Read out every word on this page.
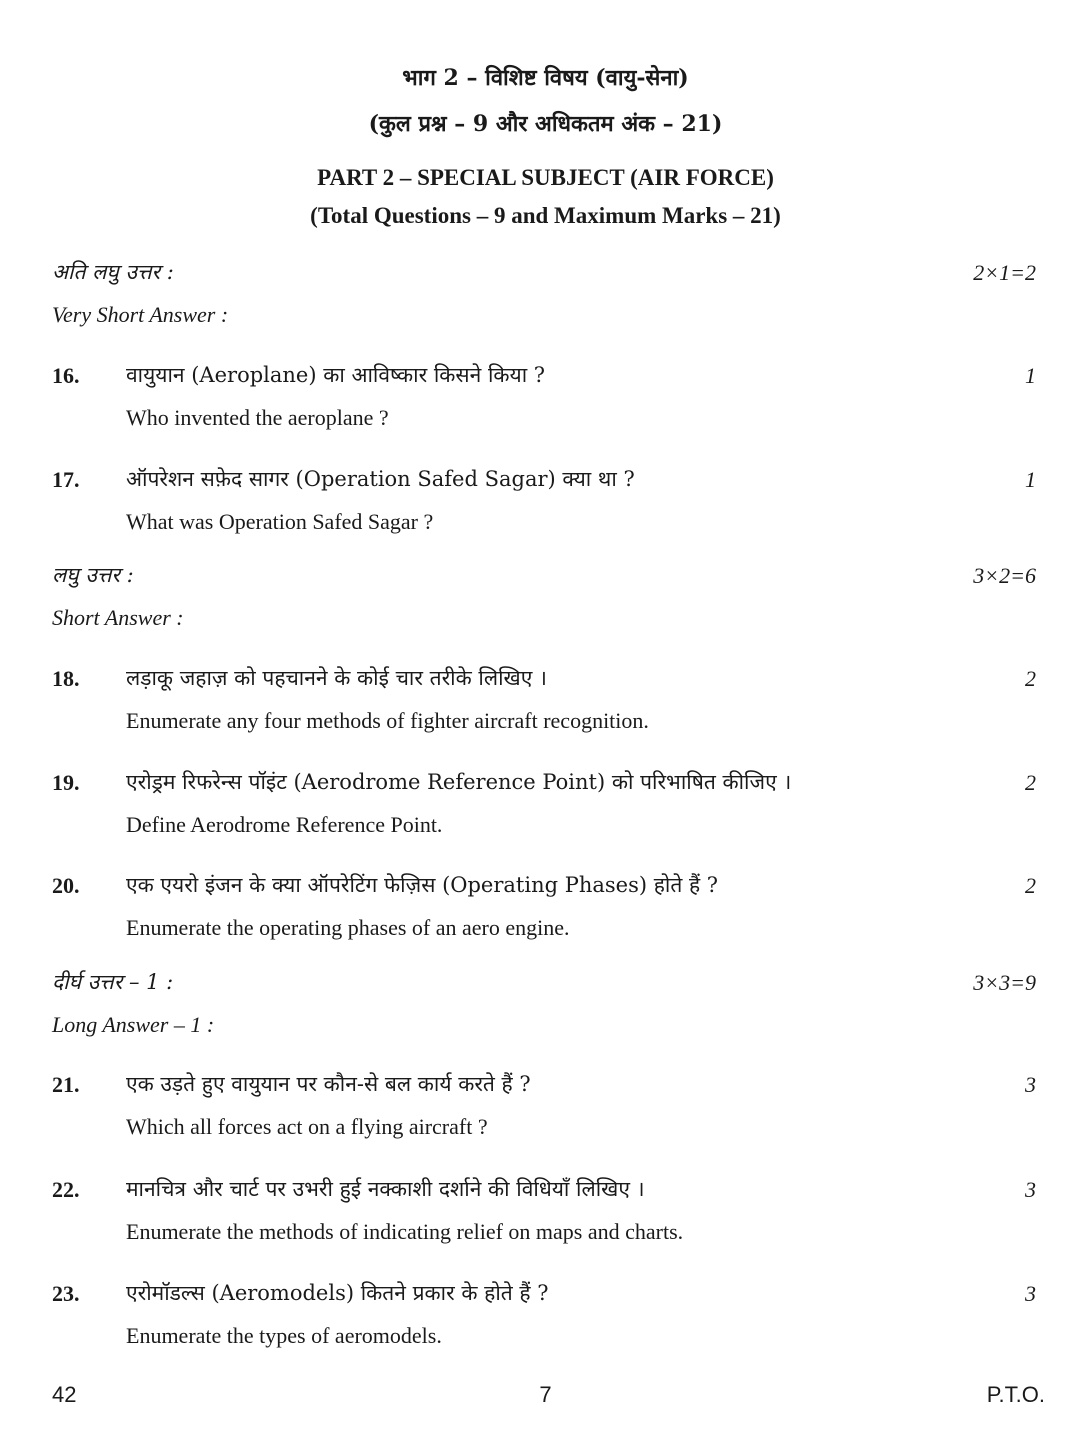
भाग 2 – विशिष्ट विषय (वायु-सेना)
(कुल प्रश्न – 9 और अधिकतम अंक – 21)
PART 2 – SPECIAL SUBJECT (AIR FORCE)
(Total Questions – 9 and Maximum Marks – 21)
अति लघु उत्तर :
Very Short Answer :
2×1=2
16. वायुयान (Aeroplane) का आविष्कार किसने किया ?
Who invented the aeroplane ?
1
17. ऑपरेशन सफ़ेद सागर (Operation Safed Sagar) क्या था ?
What was Operation Safed Sagar ?
1
लघु उत्तर :
Short Answer :
3×2=6
18. लड़ाकू जहाज़ को पहचानने के कोई चार तरीके लिखिए ।
Enumerate any four methods of fighter aircraft recognition.
2
19. एरोड्रम रिफरेन्स पॉइंट (Aerodrome Reference Point) को परिभाषित कीजिए ।
Define Aerodrome Reference Point.
2
20. एक एयरो इंजन के क्या ऑपरेटिंग फेज़िस (Operating Phases) होते हैं ?
Enumerate the operating phases of an aero engine.
2
दीर्घ उत्तर – 1 :
Long Answer – 1 :
3×3=9
21. एक उड़ते हुए वायुयान पर कौन-से बल कार्य करते हैं ?
Which all forces act on a flying aircraft ?
3
22. मानचित्र और चार्ट पर उभरी हुई नक्काशी दर्शाने की विधियाँ लिखिए ।
Enumerate the methods of indicating relief on maps and charts.
3
23. एरोमॉडल्स (Aeromodels) कितने प्रकार के होते हैं ?
Enumerate the types of aeromodels.
3
42	7	P.T.O.
